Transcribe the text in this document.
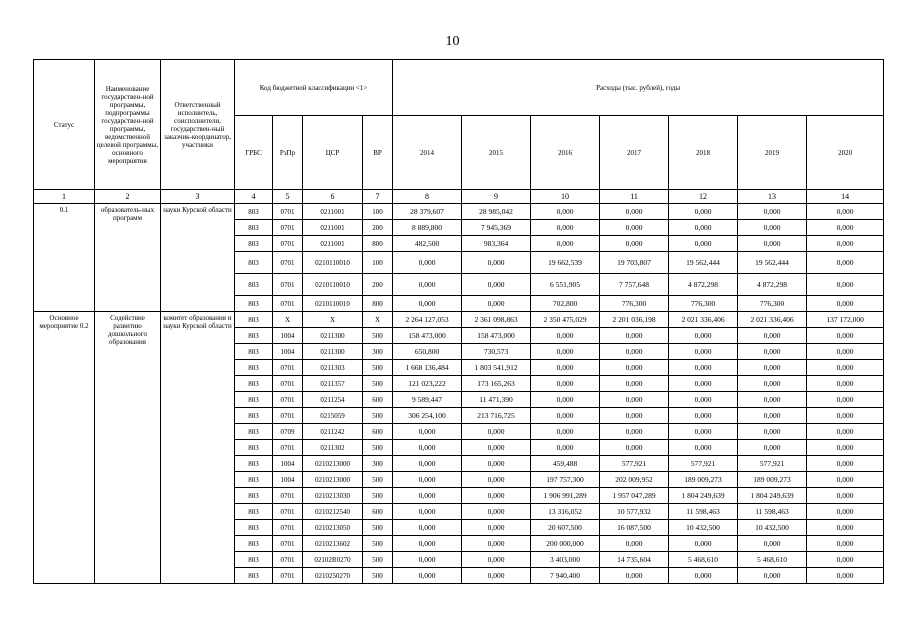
10
Статус	Наименование государствен-ной программы, подпрограммы государствен-ной программы, ведомственной целевой программы, основного мероприятия	Ответственный исполнитель, соисполнители, государствен-ный заказчик-координатор, участники	Код бюджетной классификации <1>				Расходы (тыс. рублей), годы						
			ГРБС	РзПр	ЦСР	ВР	2014	2015	2016	2017	2018	2019	2020
1	2	3	4	5	6	7	8	9	10	11	12	13	14
0.1	образователь-ных программ	науки Курской области	803	0701	0211001	100	28 379,607	28 985,042	0,000	0,000	0,000	0,000	0,000
			803	0701	0211001	200	8 889,800	7 945,369	0,000	0,000	0,000	0,000	0,000
			803	0701	0211001	800	482,500	983,364	0,000	0,000	0,000	0,000	0,000
			803	0701	0210110010	100	0,000	0,000	19 662,539	19 703,807	19 562,444	19 562,444	0,000
			803	0701	0210110010	200	0,000	0,000	6 551,905	7 757,648	4 872,298	4 872,298	0,000
			803	0701	0210110010	800	0,000	0,000	702,800	776,300	776,300	776,300	0,000
Основное мероприятие 0.2	Содействие развитию дошкольного образования	комитет образования и науки Курской области	803	X	X	X	2 264 127,053	2 361 098,863	2 350 475,029	2 201 036,198	2 021 336,406	2 021 336,406	137 172,000
			803	1004	0211300	500	158 473,000	158 473,000	0,000	0,000	0,000	0,000	0,000
			803	1004	0211300	300	650,800	730,573	0,000	0,000	0,000	0,000	0,000
			803	0701	0211303	500	1 668 136,484	1 803 541,912	0,000	0,000	0,000	0,000	0,000
			803	0701	0211357	500	121 023,222	173 165,263	0,000	0,000	0,000	0,000	0,000
			803	0701	0211254	600	9 589,447	11 471,390	0,000	0,000	0,000	0,000	0,000
			803	0701	0215059	500	306 254,100	213 716,725	0,000	0,000	0,000	0,000	0,000
			803	0709	0211242	600	0,000	0,000	0,000	0,000	0,000	0,000	0,000
			803	0701	0211302	500	0,000	0,000	0,000	0,000	0,000	0,000	0,000
			803	1004	0210213000	300	0,000	0,000	459,488	577,921	577,921	577,921	0,000
			803	1004	0210213000	500	0,000	0,000	197 757,300	202 009,952	189 009,273	189 009,273	0,000
			803	0701	0210213030	500	0,000	0,000	1 906 991,289	1 957 047,289	1 804 249,639	1 804 249,639	0,000
			803	0701	0210212540	600	0,000	0,000	13 316,052	10 577,932	11 598,463	11 598,463	0,000
			803	0701	0210213050	500	0,000	0,000	20 607,500	16 087,500	10 432,500	10 432,500	0,000
			803	0701	0210213602	500	0,000	0,000	200 000,000	0,000	0,000	0,000	0,000
			803	0701	02102R0270	500	0,000	0,000	3 403,000	14 735,604	5 468,610	5 468,610	0,000
			803	0701	0210250270	500	0,000	0,000	7 940,400	0,000	0,000	0,000	0,000
